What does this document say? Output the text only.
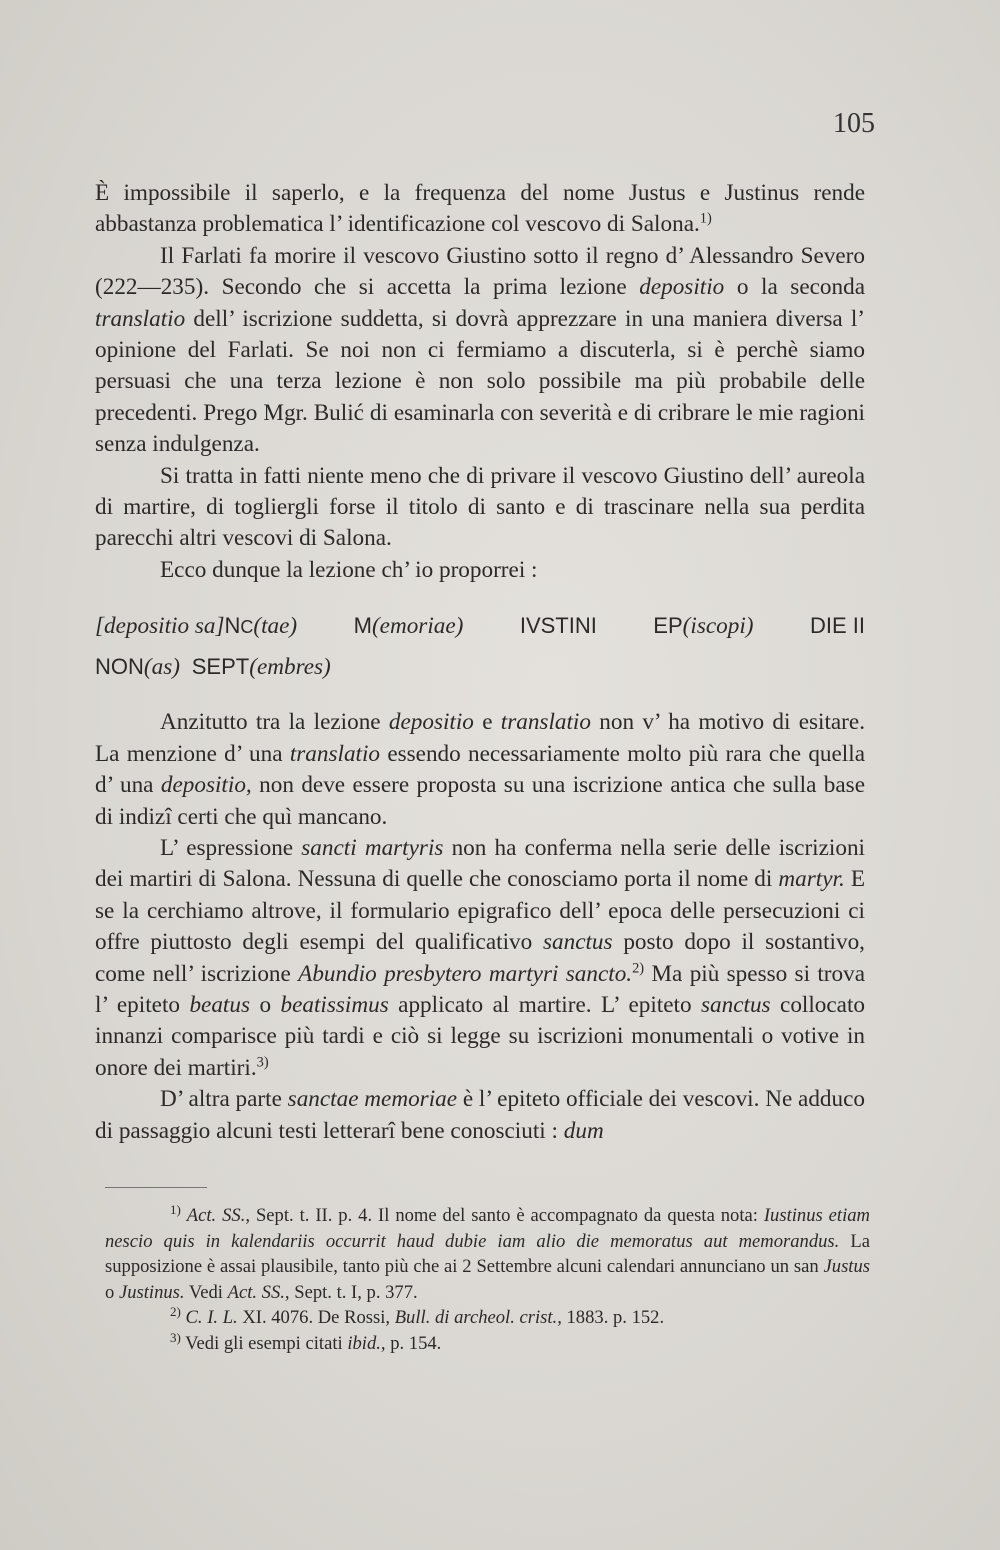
105

È impossibile il saperlo, e la frequenza del nome Justus e Justinus rende abbastanza problematica l’ identificazione col vescovo di Salona.$^{1)}$

Il Farlati fa morire il vescovo Giustino sotto il regno d’ Alessandro Severo (222—235). Secondo che si accetta la prima lezione depositio o la seconda translatio dell’ iscrizione suddetta, si dovrà apprezzare in una maniera diversa l’ opinione del Farlati. Se noi non ci fermiamo a discuterla, si è perchè siamo persuasi che una terza lezione è non solo possibile ma più probabile delle precedenti. Prego Mgr. Bulić di esaminarla con severità e di cribrare le mie ragioni senza indulgenza.

Si tratta in fatti niente meno che di privare il vescovo Giustino dell’ aureola di martire, di togliergli forse il titolo di santo e di trascinare nella sua perdita parecchi altri vescovi di Salona.

Ecco dunque la lezione ch’ io proporrei :

[depositio sa]NC(tae)	M(emoriae)	IVSTINI	EP(iscopi)	DIE II
NON(as) SEPT(embres)

Anzitutto tra la lezione depositio e translatio non v’ ha motivo di esitare. La menzione d’ una translatio essendo necessariamente molto più rara che quella d’ una depositio, non deve essere proposta su una iscrizione antica che sulla base di indizî certi che quì mancano.

L’ espressione sancti martyris non ha conferma nella serie delle iscrizioni dei martiri di Salona. Nessuna di quelle che conosciamo porta il nome di martyr. E se la cerchiamo altrove, il formulario epigrafico dell’ epoca delle persecuzioni ci offre piuttosto degli esempi del qualificativo sanctus posto dopo il sostantivo, come nell’ iscrizione Abundio presbytero martyri sancto.$^{2)}$ Ma più spesso si trova l’ epiteto beatus o beatissimus applicato al martire. L’ epiteto sanctus collocato innanzi comparisce più tardi e ciò si legge su iscrizioni monumentali o votive in onore dei martiri.$^{3)}$

D’ altra parte sanctae memoriae è l’ epiteto officiale dei vescovi. Ne adduco di passaggio alcuni testi letterarî bene conosciuti : dum

$^{1)}$ Act. SS., Sept. t. II. p. 4. Il nome del santo è accompagnato da questa nota: Iustinus etiam nescio quis in kalendariis occurrit haud dubie iam alio die memoratus aut memorandus. La supposizione è assai plausibile, tanto più che ai 2 Settembre alcuni calendari annunciano un san Justus o Justinus. Vedi Act. SS., Sept. t. I, p. 377.

$^{2)}$ C. I. L. XI. 4076. De Rossi, Bull. di archeol. crist., 1883. p. 152.

$^{3)}$ Vedi gli esempi citati ibid., p. 154.
